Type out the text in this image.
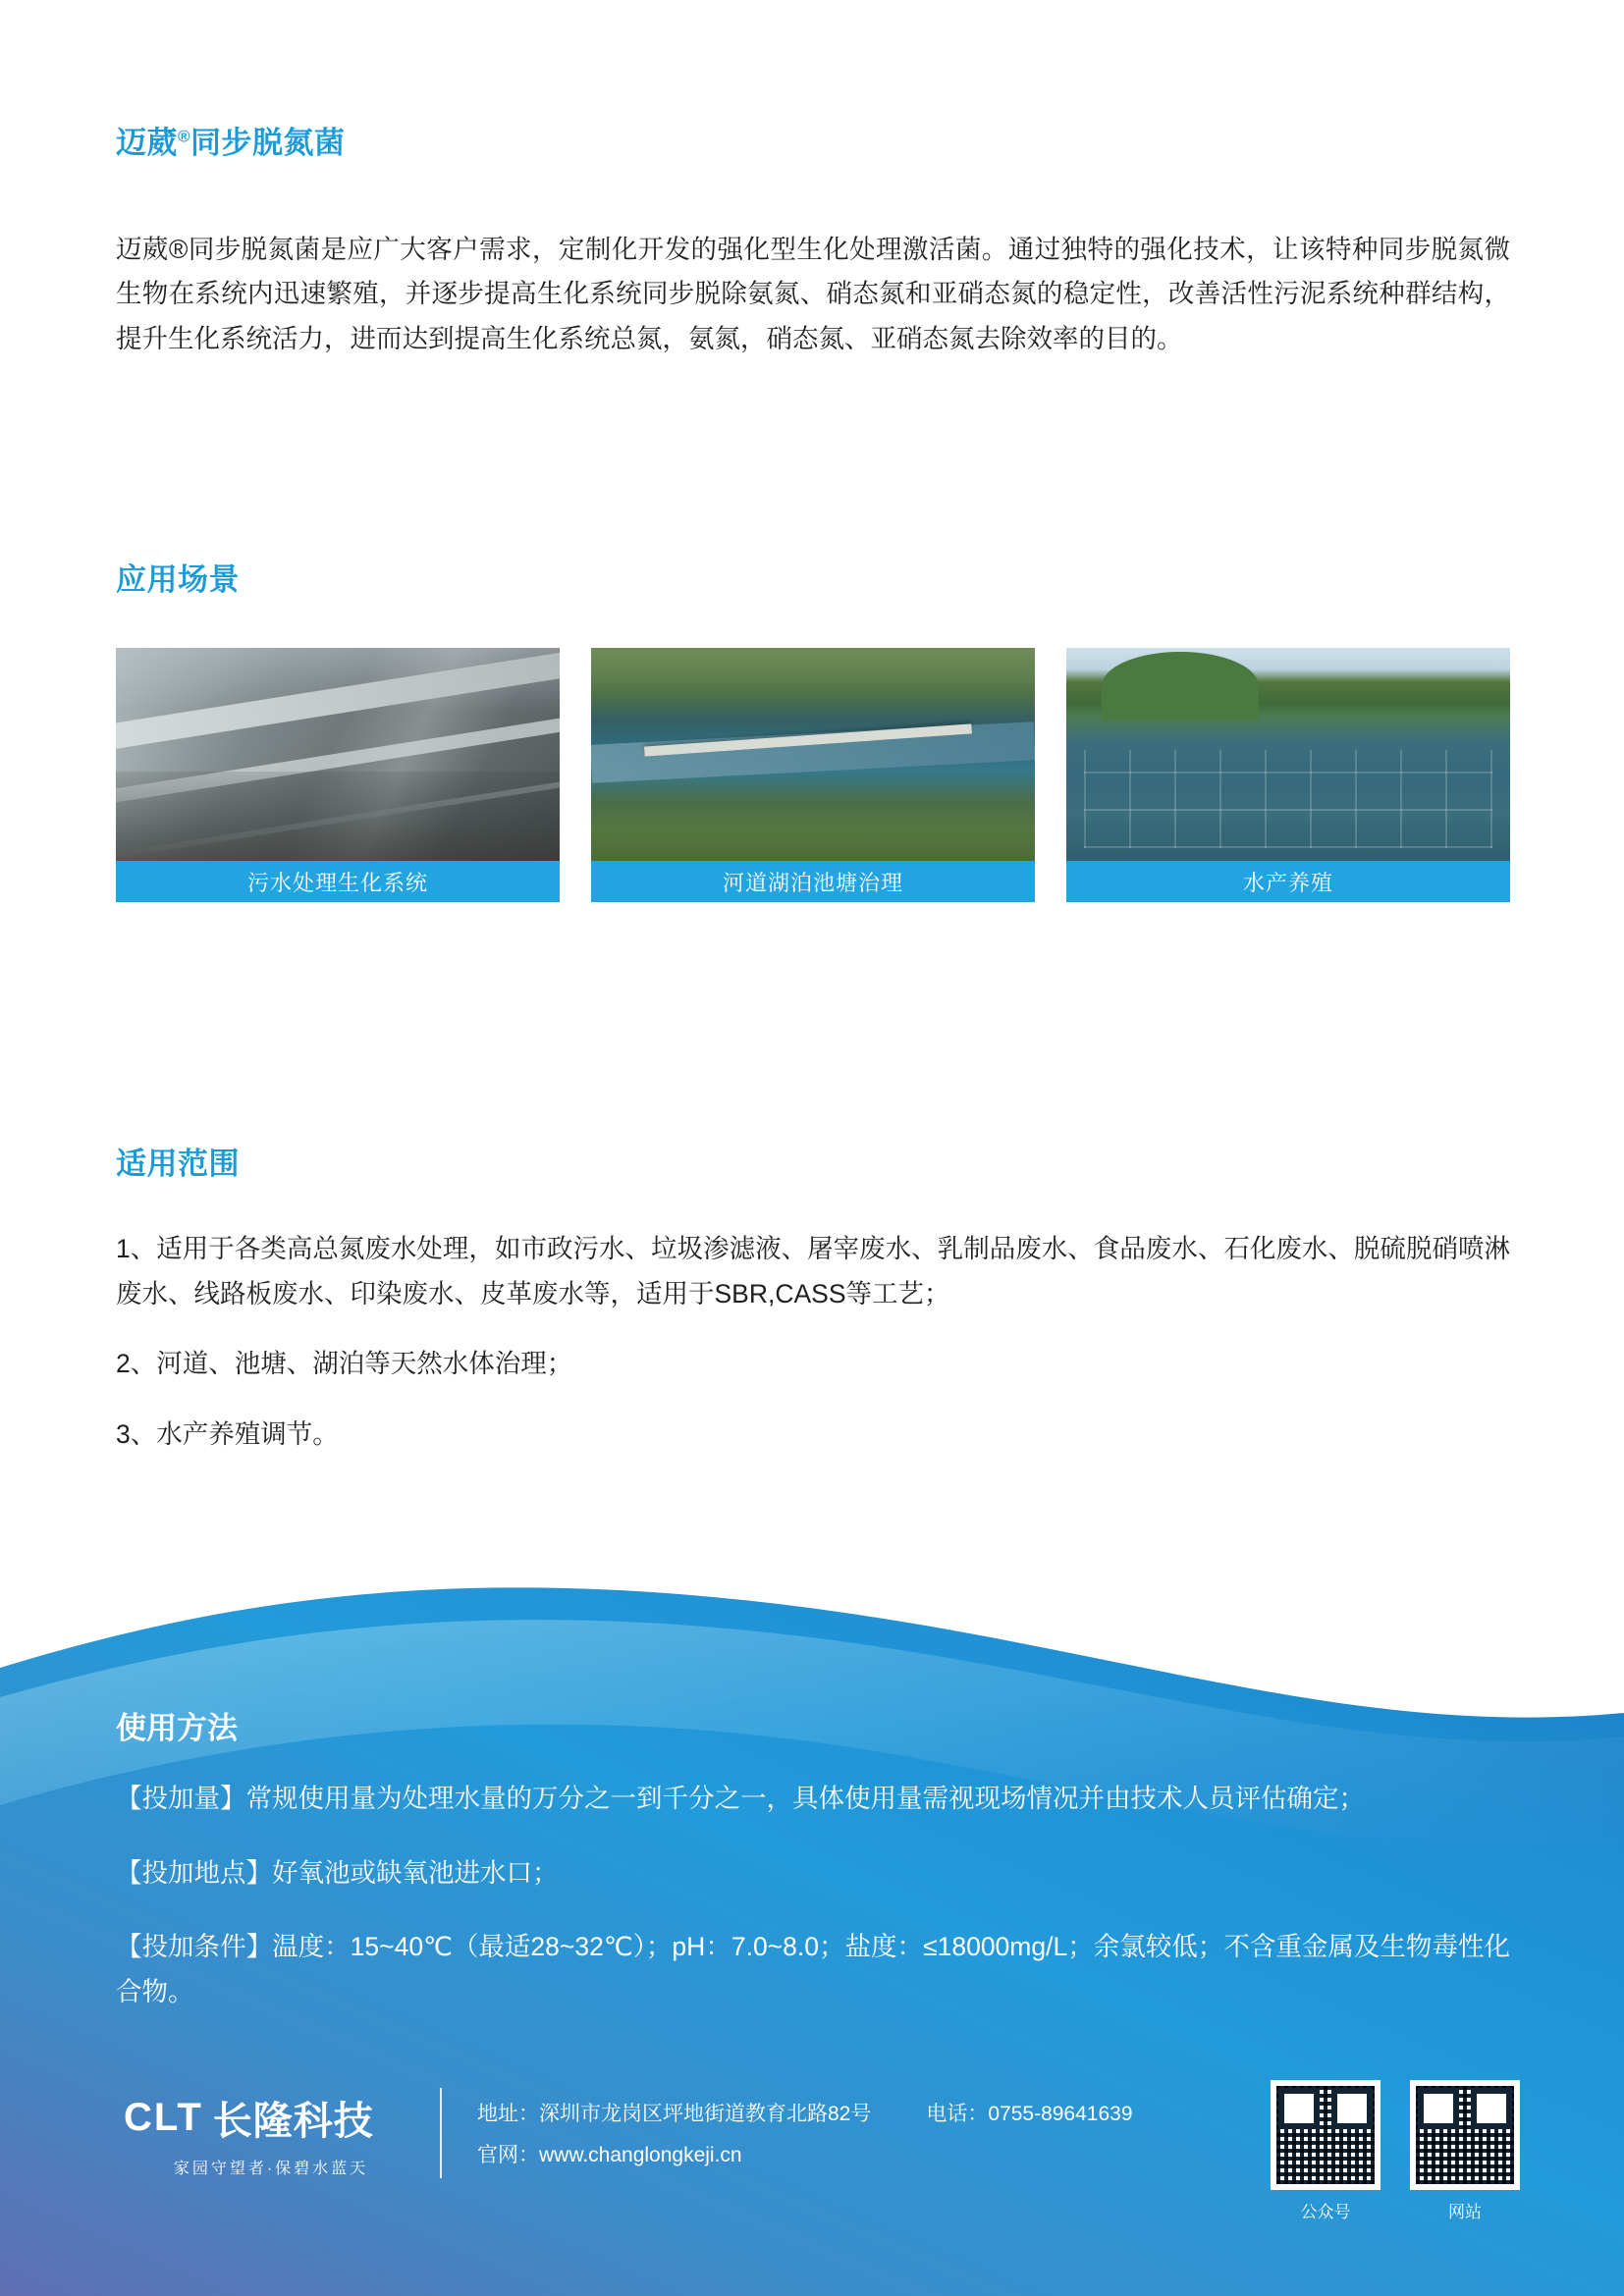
迈葳®同步脱氮菌

迈葳®同步脱氮菌是应广大客户需求，定制化开发的强化型生化处理激活菌。通过独特的强化技术，让该特种同步脱氮微生物在系统内迅速繁殖，并逐步提高生化系统同步脱除氨氮、硝态氮和亚硝态氮的稳定性，改善活性污泥系统种群结构，提升生化系统活力，进而达到提高生化系统总氮，氨氮，硝态氮、亚硝态氮去除效率的目的。

应用场景
污水处理生化系统	河道湖泊池塘治理	水产养殖
适用范围
1、适用于各类高总氮废水处理，如市政污水、垃圾渗滤液、屠宰废水、乳制品废水、食品废水、石化废水、脱硫脱硝喷淋废水、线路板废水、印染废水、皮革废水等，适用于SBR,CASS等工艺；
2、河道、池塘、湖泊等天然水体治理；
3、水产养殖调节。
使用方法
【投加量】常规使用量为处理水量的万分之一到千分之一，具体使用量需视现场情况并由技术人员评估确定；
【投加地点】好氧池或缺氧池进水口；
【投加条件】温度：15~40℃（最适28~32℃）；pH：7.0~8.0；盐度：≤18000mg/L；余氯较低；不含重金属及生物毒性化合物。
CLT 长隆科技
家园守望者·保碧水蓝天
地址：深圳市龙岗区坪地街道教育北路82号	电话：0755-89641639
官网：www.changlongkeji.cn
公众号	网站
